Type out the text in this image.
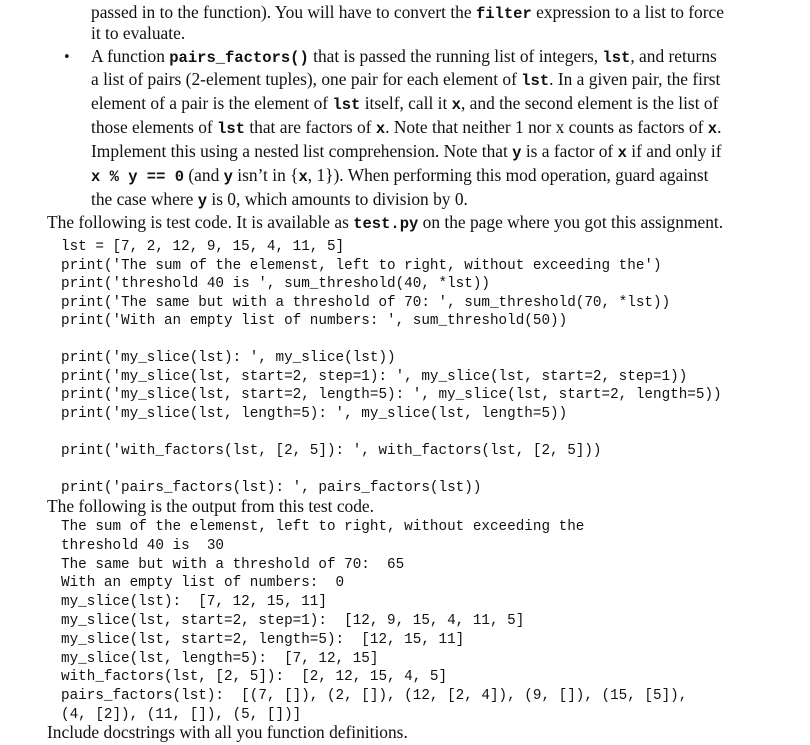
passed in to the function). You will have to convert the filter expression to a list to force
it to evaluate.
• A function pairs_factors() that is passed the running list of integers, lst, and returns
a list of pairs (2-element tuples), one pair for each element of lst. In a given pair, the first
element of a pair is the element of lst itself, call it x, and the second element is the list of
those elements of lst that are factors of x. Note that neither 1 nor x counts as factors of x.
Implement this using a nested list comprehension. Note that y is a factor of x if and only if
x % y == 0 (and y isn’t in {x, 1}). When performing this mod operation, guard against
the case where y is 0, which amounts to division by 0.
The following is test code. It is available as test.py on the page where you got this assignment.
lst = [7, 2, 12, 9, 15, 4, 11, 5]
print('The sum of the elemenst, left to right, without exceeding the')
print('threshold 40 is ', sum_threshold(40, *lst))
print('The same but with a threshold of 70: ', sum_threshold(70, *lst))
print('With an empty list of numbers: ', sum_threshold(50))
print('my_slice(lst): ', my_slice(lst))
print('my_slice(lst, start=2, step=1): ', my_slice(lst, start=2, step=1))
print('my_slice(lst, start=2, length=5): ', my_slice(lst, start=2, length=5))
print('my_slice(lst, length=5): ', my_slice(lst, length=5))
print('with_factors(lst, [2, 5]): ', with_factors(lst, [2, 5]))
print('pairs_factors(lst): ', pairs_factors(lst))
The following is the output from this test code.
The sum of the elemenst, left to right, without exceeding the
threshold 40 is  30
The same but with a threshold of 70:  65
With an empty list of numbers:  0
my_slice(lst):  [7, 12, 15, 11]
my_slice(lst, start=2, step=1):  [12, 9, 15, 4, 11, 5]
my_slice(lst, start=2, length=5):  [12, 15, 11]
my_slice(lst, length=5):  [7, 12, 15]
with_factors(lst, [2, 5]):  [2, 12, 15, 4, 5]
pairs_factors(lst):  [(7, []), (2, []), (12, [2, 4]), (9, []), (15, [5]),
(4, [2]), (11, []), (5, [])]
Include docstrings with all you function definitions.
